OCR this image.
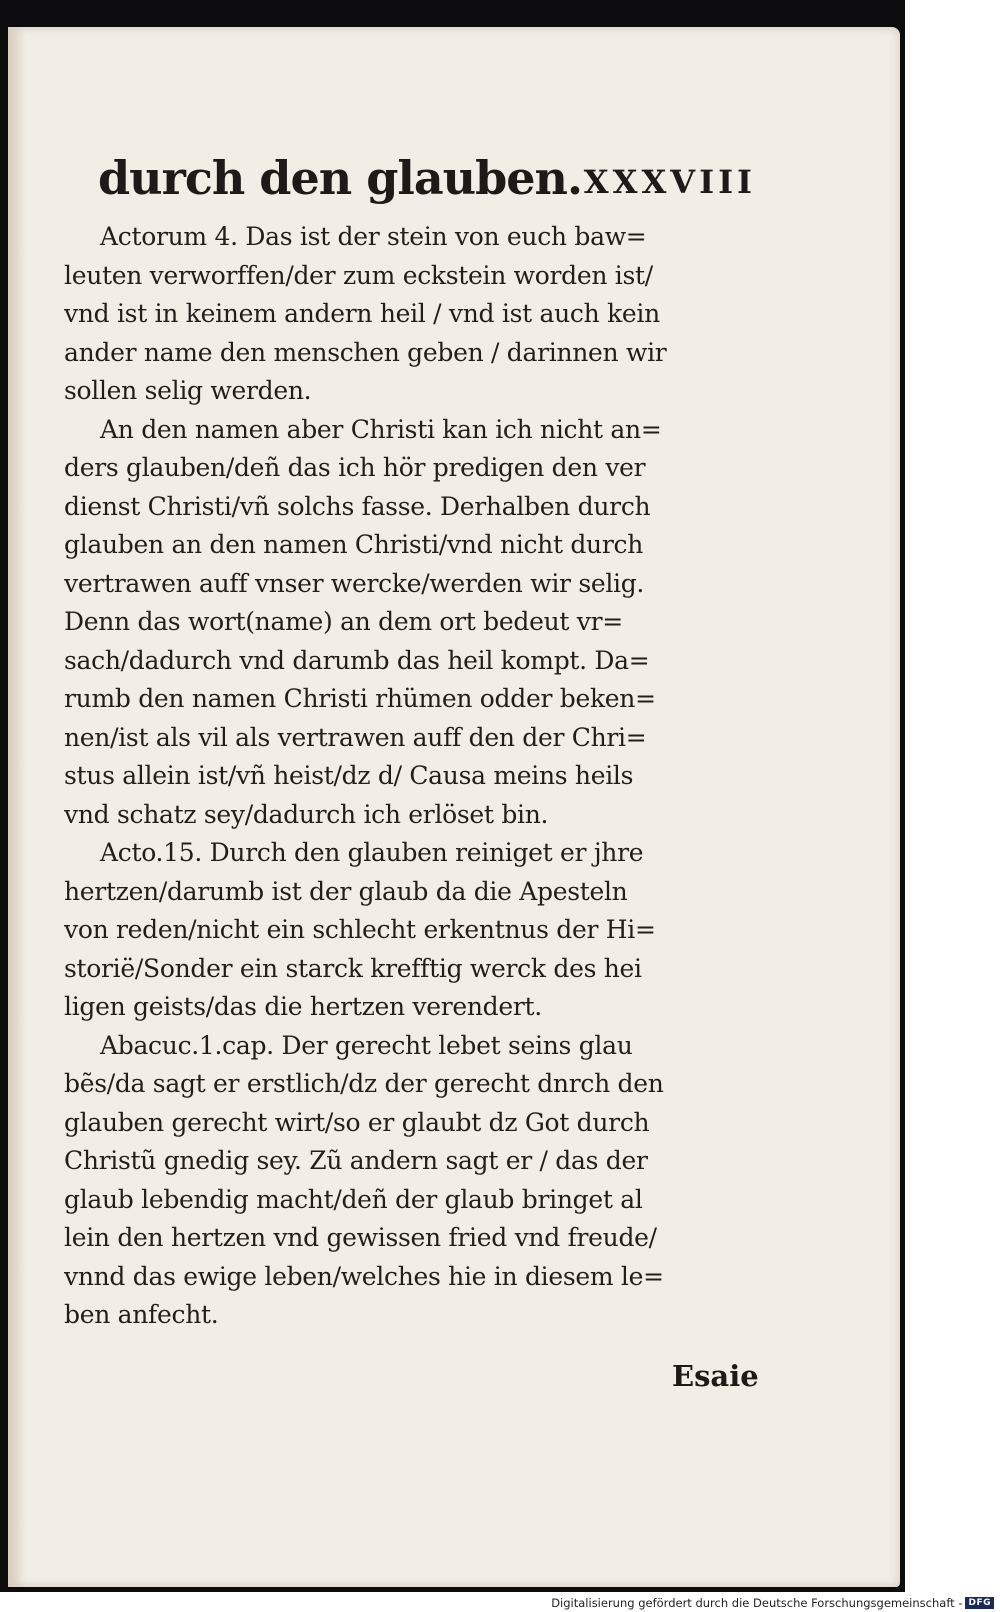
durch den glauben. XXXVIII
Actorum 4. Das ist der stein von euch baw=
leuten verworffen/der zum eckstein worden ist/
vnd ist in keinem andern heil / vnd ist auch kein
ander name den menschen geben / darinnen wir
sollen selig werden.
An den namen aber Christi kan ich nicht an=
ders glauben/deñ das ich hör predigen den ver
dienst Christi/vñ solchs fasse. Derhalben durch
glauben an den namen Christi/vnd nicht durch
vertrawen auff vnser wercke/werden wir selig.
Denn das wort(name) an dem ort bedeut vr=
sach/dadurch vnd darumb das heil kompt. Da=
rumb den namen Christi rhümen odder beken=
nen/ist als vil als vertrawen auff den der Chri=
stus allein ist/vñ heist/dz d/ Causa meins heils
vnd schatz sey/dadurch ich erlöset bin.
Acto.15. Durch den glauben reiniget er jhre
hertzen/darumb ist der glaub da die Apesteln
von reden/nicht ein schlecht erkentnus der Hi=
storië/Sonder ein starck krefftig werck des hei
ligen geists/das die hertzen verendert.
Abacuc.1.cap. Der gerecht lebet seins glau
bẽs/da sagt er erstlich/dz der gerecht dnrch den
glauben gerecht wirt/so er glaubt dz Got durch
Christũ gnedig sey. Zũ andern sagt er / das der
glaub lebendig macht/deñ der glaub bringet al
lein den hertzen vnd gewissen fried vnd freude/
vnnd das ewige leben/welches hie in diesem le=
ben anfecht.
Esaie
Digitalisierung gefördert durch die Deutsche Forschungsgemeinschaft - DFG
